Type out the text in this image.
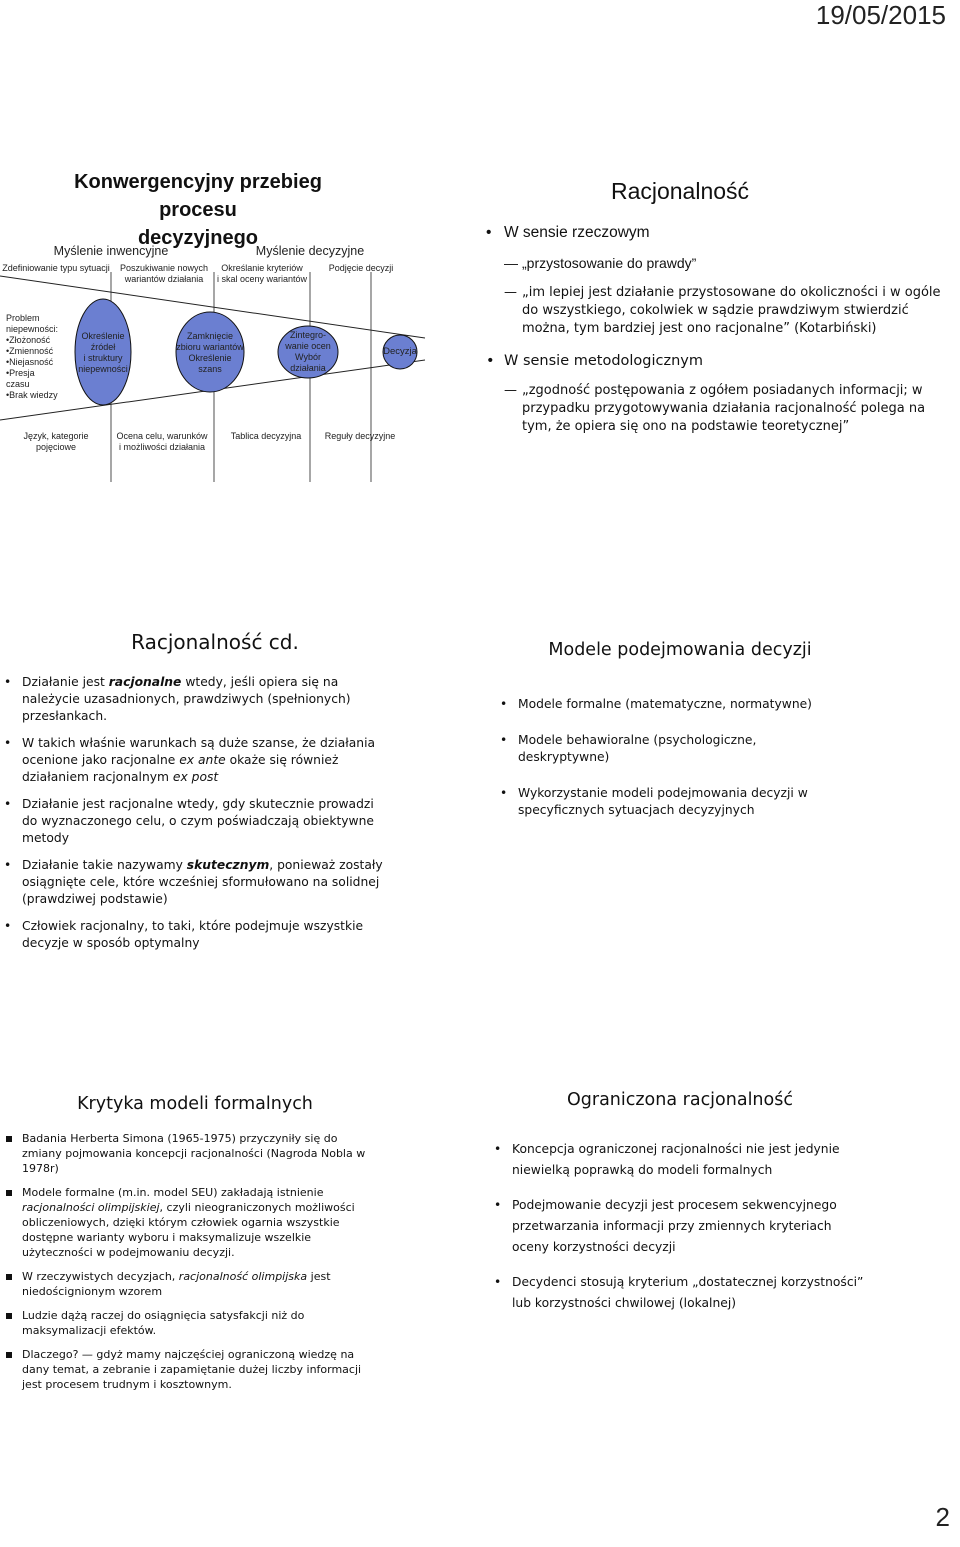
19/05/2015
2
Konwergencyjny przebieg procesu
decyzyjnego
Myślenie inwencyjne	Myślenie decyzyjne
Zdefiniowanie typu sytuacji	Poszukiwanie nowych
wariantów działania
Określanie kryteriów
i skal oceny wariantów
Podjęcie decyzji
Problem
niepewności:
•Złożoność
•Zmienność
•Niejasność
•Presja
czasu
•Brak wiedzy
Określenie
źródeł
i struktury
niepewności
Zamknięcie
zbioru wariantów
Określenie
szans
Zintegro-
wanie ocen
Wybór
działania
Decyzja
Język, kategorie
pojęciowe
Ocena celu, warunków
i możliwości działania
Tablica decyzyjna	Reguły decyzyjne
Racjonalność
• W sensie rzeczowym
— „przystosowanie do prawdy”
— „im lepiej jest działanie przystosowane do okoliczności i w ogóle do wszystkiego, cokolwiek w sądzie prawdziwym stwierdzić można, tym bardziej jest ono racjonalne” (Kotarbiński)
• W sensie metodologicznym
— „zgodność postępowania z ogółem posiadanych informacji; w przypadku przygotowywania działania racjonalność polega na tym, że opiera się ono na podstawie teoretycznej”
Racjonalność cd.
• Działanie jest racjonalne wtedy, jeśli opiera się na należycie uzasadnionych, prawdziwych (spełnionych) przesłankach.
• W takich właśnie warunkach są duże szanse, że działania ocenione jako racjonalne ex ante okaże się również działaniem racjonalnym ex post
• Działanie jest racjonalne wtedy, gdy skutecznie prowadzi do wyznaczonego celu, o czym poświadczają obiektywne metody
• Działanie takie nazywamy skutecznym, ponieważ zostały osiągnięte cele, które wcześniej sformułowano na solidnej (prawdziwej podstawie)
• Człowiek racjonalny, to taki, które podejmuje wszystkie decyzje w sposób optymalny
Modele podejmowania decyzji
• Modele formalne (matematyczne, normatywne)
• Modele behawioralne (psychologiczne, deskryptywne)
• Wykorzystanie modeli podejmowania decyzji w specyficznych sytuacjach decyzyjnych
Krytyka modeli formalnych
Badania Herberta Simona (1965-1975) przyczyniły się do zmiany pojmowania koncepcji racjonalności (Nagroda Nobla w 1978r)
Modele formalne (m.in. model SEU) zakładają istnienie racjonalności olimpijskiej, czyli nieograniczonych możliwości obliczeniowych, dzięki którym człowiek ogarnia wszystkie dostępne warianty wyboru i maksymalizuje wszelkie użyteczności w podejmowaniu decyzji.
W rzeczywistych decyzjach, racjonalność olimpijska jest niedoścignionym wzorem
Ludzie dążą raczej do osiągnięcia satysfakcji niż do maksymalizacji efektów.
Dlaczego? — gdyż mamy najczęściej ograniczoną wiedzę na dany temat, a zebranie i zapamiętanie dużej liczby informacji jest procesem trudnym i kosztownym.
Ograniczona racjonalność
• Koncepcja ograniczonej racjonalności nie jest jedynie niewielką poprawką do modeli formalnych
• Podejmowanie decyzji jest procesem sekwencyjnego przetwarzania informacji przy zmiennych kryteriach oceny korzystności decyzji
• Decydenci stosują kryterium „dostatecznej korzystności” lub korzystności chwilowej (lokalnej)
